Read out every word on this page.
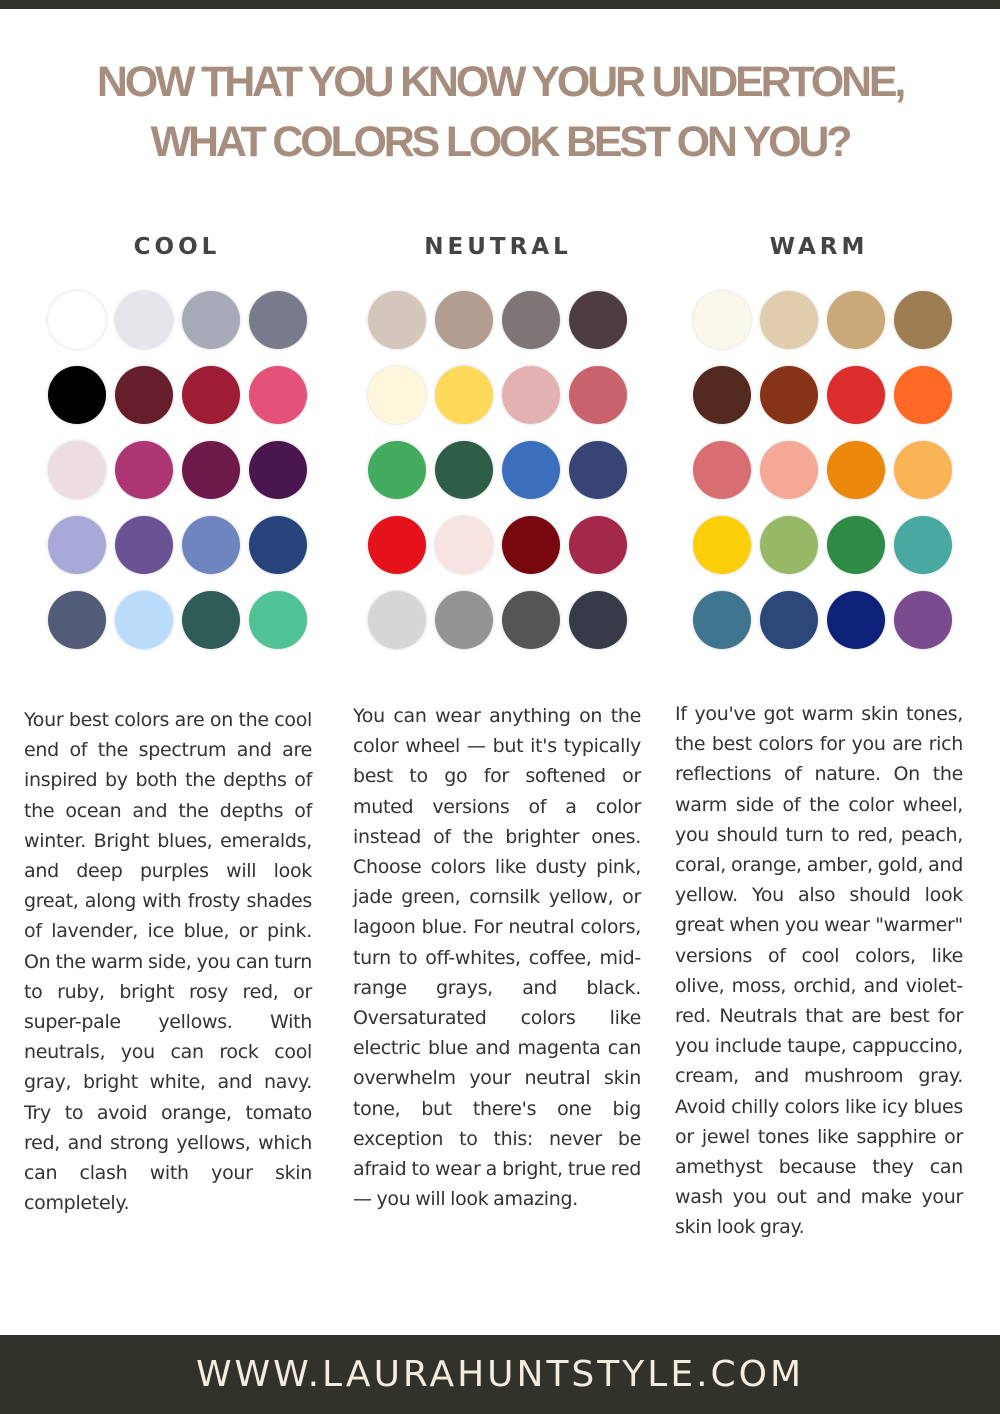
NOW THAT YOU KNOW YOUR UNDERTONE,
WHAT COLORS LOOK BEST ON YOU?
COOL	NEUTRAL	WARM
Your best colors are on the cool end of the spectrum and are inspired by both the depths of the ocean and the depths of winter. Bright blues, emeralds, and deep purples will look great, along with frosty shades of lavender, ice blue, or pink. On the warm side, you can turn to ruby, bright rosy red, or super-pale yellows. With neutrals, you can rock cool gray, bright white, and navy. Try to avoid orange, tomato red, and strong yellows, which can clash with your skin completely.
You can wear anything on the color wheel — but it's typically best to go for softened or muted versions of a color instead of the brighter ones. Choose colors like dusty pink, jade green, cornsilk yellow, or lagoon blue. For neutral colors, turn to off-whites, coffee, mid-range grays, and black. Oversaturated colors like electric blue and magenta can overwhelm your neutral skin tone, but there's one big exception to this: never be afraid to wear a bright, true red — you will look amazing.
If you've got warm skin tones, the best colors for you are rich reflections of nature. On the warm side of the color wheel, you should turn to red, peach, coral, orange, amber, gold, and yellow. You also should look great when you wear "warmer" versions of cool colors, like olive, moss, orchid, and violet-red. Neutrals that are best for you include taupe, cappuccino, cream, and mushroom gray. Avoid chilly colors like icy blues or jewel tones like sapphire or amethyst because they can wash you out and make your skin look gray.
WWW.LAURAHUNTSTYLE.COM
